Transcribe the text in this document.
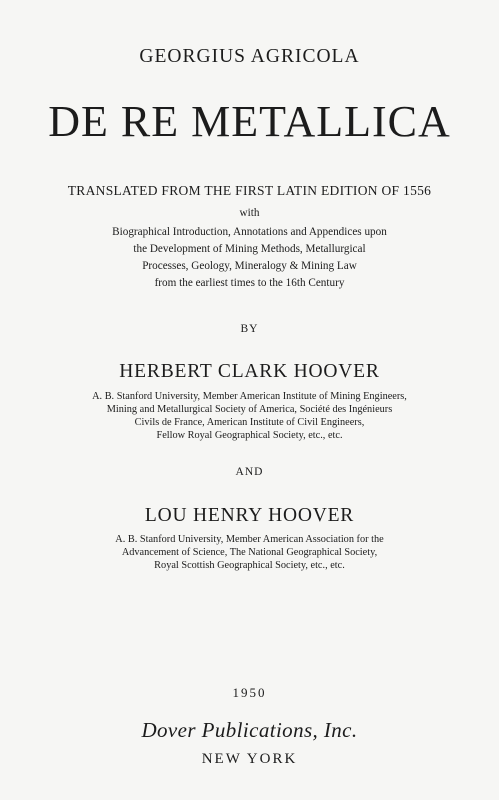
GEORGIUS AGRICOLA
DE RE METALLICA
TRANSLATED FROM THE FIRST LATIN EDITION OF 1556
with
Biographical Introduction, Annotations and Appendices upon
the Development of Mining Methods, Metallurgical
Processes, Geology, Mineralogy & Mining Law
from the earliest times to the 16th Century
BY
HERBERT CLARK HOOVER
A. B. Stanford University, Member American Institute of Mining Engineers,
Mining and Metallurgical Society of America, Société des Ingénieurs
Civils de France, American Institute of Civil Engineers,
Fellow Royal Geographical Society, etc., etc.
AND
LOU HENRY HOOVER
A. B. Stanford University, Member American Association for the
Advancement of Science, The National Geographical Society,
Royal Scottish Geographical Society, etc., etc.
1950
Dover Publications, Inc.
NEW YORK
